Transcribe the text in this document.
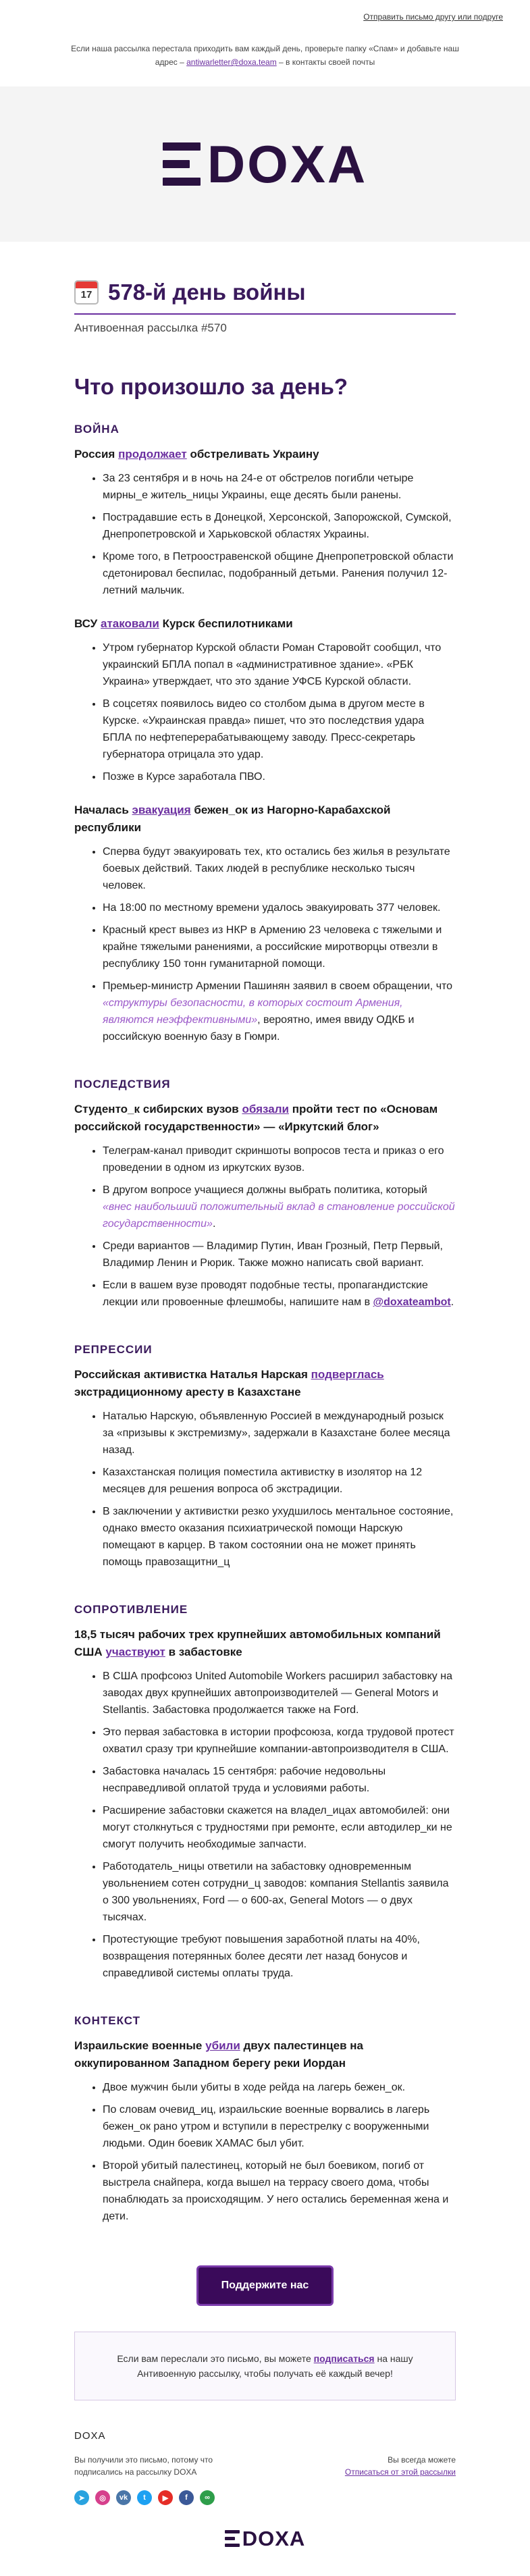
Отправить письмо другу или подруге
Если наша рассылка перестала приходить вам каждый день, проверьте папку «Спам» и добавьте наш адрес – antiwarletter@doxa.team – в контакты своей почты
DOXA
17 578-й день войны
Антивоенная рассылка #570
Что произошло за день?
ВОЙНА
Россия продолжает обстреливать Украину
• За 23 сентября и в ночь на 24-е от обстрелов погибли четыре мирны_е житель_ницы Украины, еще десять были ранены.
• Пострадавшие есть в Донецкой, Херсонской, Запорожской, Сумской, Днепропетровской и Харьковской областях Украины.
• Кроме того, в Петроостравенской общине Днепропетровской области сдетонировал беспилас, подобранный детьми. Ранения получил 12-летний мальчик.
ВСУ атаковали Курск беспилотниками
• Утром губернатор Курской области Роман Старовойт сообщил, что украинский БПЛА попал в «административное здание». «РБК Украина» утверждает, что это здание УФСБ Курской области.
• В соцсетях появилось видео со столбом дыма в другом месте в Курске. «Украинская правда» пишет, что это последствия удара БПЛА по нефтеперерабатывающему заводу. Пресс-секретарь губернатора отрицала это удар.
• Позже в Курсе заработала ПВО.
Началась эвакуация бежен_ок из Нагорно-Карабахской республики
• Сперва будут эвакуировать тех, кто остались без жилья в результате боевых действий. Таких людей в республике несколько тысяч человек.
• На 18:00 по местному времени удалось эвакуировать 377 человек.
• Красный крест вывез из НКР в Армению 23 человека с тяжелыми и крайне тяжелыми ранениями, а российские миротворцы отвезли в республику 150 тонн гуманитарной помощи.
• Премьер-министр Армении Пашинян заявил в своем обращении, что «структуры безопасности, в которых состоит Армения, являются неэффективными», вероятно, имея ввиду ОДКБ и российскую военную базу в Гюмри.
ПОСЛЕДСТВИЯ
Студенто_к сибирских вузов обязали пройти тест по «Основам российской государственности» — «Иркутский блог»
• Телеграм-канал приводит скриншоты вопросов теста и приказ о его проведении в одном из иркутских вузов.
• В другом вопросе учащиеся должны выбрать политика, который «внес наибольший положительный вклад в становление российской государственности».
• Среди вариантов — Владимир Путин, Иван Грозный, Петр Первый, Владимир Ленин и Рюрик. Также можно написать свой вариант.
• Если в вашем вузе проводят подобные тесты, пропагандистские лекции или провоенные флешмобы, напишите нам в @doxateambot.
РЕПРЕССИИ
Российская активистка Наталья Нарская подверглась экстрадиционному аресту в Казахстане
• Наталью Нарскую, объявленную Россией в международный розыск за «призывы к экстремизму», задержали в Казахстане более месяца назад.
• Казахстанская полиция поместила активистку в изолятор на 12 месяцев для решения вопроса об экстрадиции.
• В заключении у активистки резко ухудшилось ментальное состояние, однако вместо оказания психиатрической помощи Нарскую помещают в карцер. В таком состоянии она не может принять помощь правозащитни_ц
СОПРОТИВЛЕНИЕ
18,5 тысяч рабочих трех крупнейших автомобильных компаний США участвуют в забастовке
• В США профсоюз United Automobile Workers расширил забастовку на заводах двух крупнейших автопроизводителей — General Motors и Stellantis. Забастовка продолжается также на Ford.
• Это первая забастовка в истории профсоюза, когда трудовой протест охватил сразу три крупнейшие компании-автопроизводителя в США.
• Забастовка началась 15 сентября: рабочие недовольны несправедливой оплатой труда и условиями работы.
• Расширение забастовки скажется на владел_ицах автомобилей: они могут столкнуться с трудностями при ремонте, если автодилер_ки не смогут получить необходимые запчасти.
• Работодатель_ницы ответили на забастовку одновременным увольнением сотен сотрудни_ц заводов: компания Stellantis заявила о 300 увольнениях, Ford — о 600-ах, General Motors — о двух тысячах.
• Протестующие требуют повышения заработной платы на 40%, возвращения потерянных более десяти лет назад бонусов и справедливой системы оплаты труда.
КОНТЕКСТ
Израильские военные убили двух палестинцев на оккупированном Западном берегу реки Иордан
• Двое мужчин были убиты в ходе рейда на лагерь бежен_ок.
• По словам очевид_иц, израильские военные ворвались в лагерь бежен_ок рано утром и вступили в перестрелку с вооруженными людьми. Один боевик ХАМАС был убит.
• Второй убитый палестинец, который не был боевиком, погиб от выстрела снайпера, когда вышел на террасу своего дома, чтобы понаблюдать за происходящим. У него остались беременная жена и дети.
Поддержите нас
Если вам переслали это письмо, вы можете подписаться на нашу Антивоенную рассылку, чтобы получать её каждый вечер!
DOXA
Вы получили это письмо, потому что подписались на рассылку DOXA
Вы всегда можете
Отписаться от этой рассылки
➤	◎	vk	t	▶	f	∞
DOXA
